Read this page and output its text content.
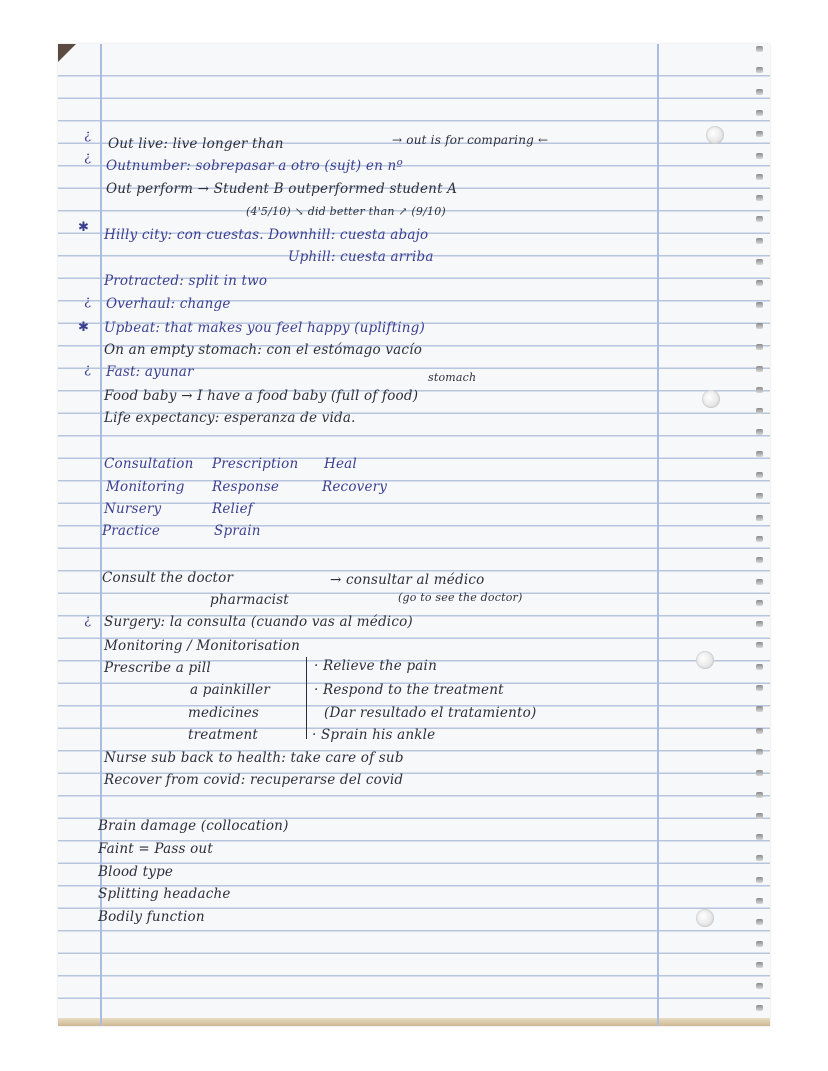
¿
¿
✱
¿
✱
¿
¿
Out live: live longer than	→ out is for comparing ←
Outnumber: sobrepasar a otro (sujt) en nº
Out perform → Student B outperformed student A
(4'5/10) ↘ did better than ↗ (9/10)
Hilly city: con cuestas. Downhill: cuesta abajo
Uphill: cuesta arriba
Protracted: split in two
Overhaul: change
Upbeat: that makes you feel happy (uplifting)
On an empty stomach: con el estómago vacío
Fast: ayunar	stomach
Food baby → I have a food baby (full of food)
Life expectancy: esperanza de vida.
Consultation Prescription Heal
Monitoring Response	Recovery
Nursery	Relief
Practice	Sprain
Consult the doctor	→ consultar al médico
pharmacist	(go to see the doctor)
Surgery: la consulta (cuando vas al médico)
Monitoring / Monitorisation
Prescribe a pill	· Relieve the pain
a painkiller	· Respond to the treatment
medicines	(Dar resultado el tratamiento)
treatment	· Sprain his ankle
Nurse sub back to health: take care of sub
Recover from covid: recuperarse del covid
Brain damage (collocation)
Faint = Pass out
Blood type
Splitting headache
Bodily function
